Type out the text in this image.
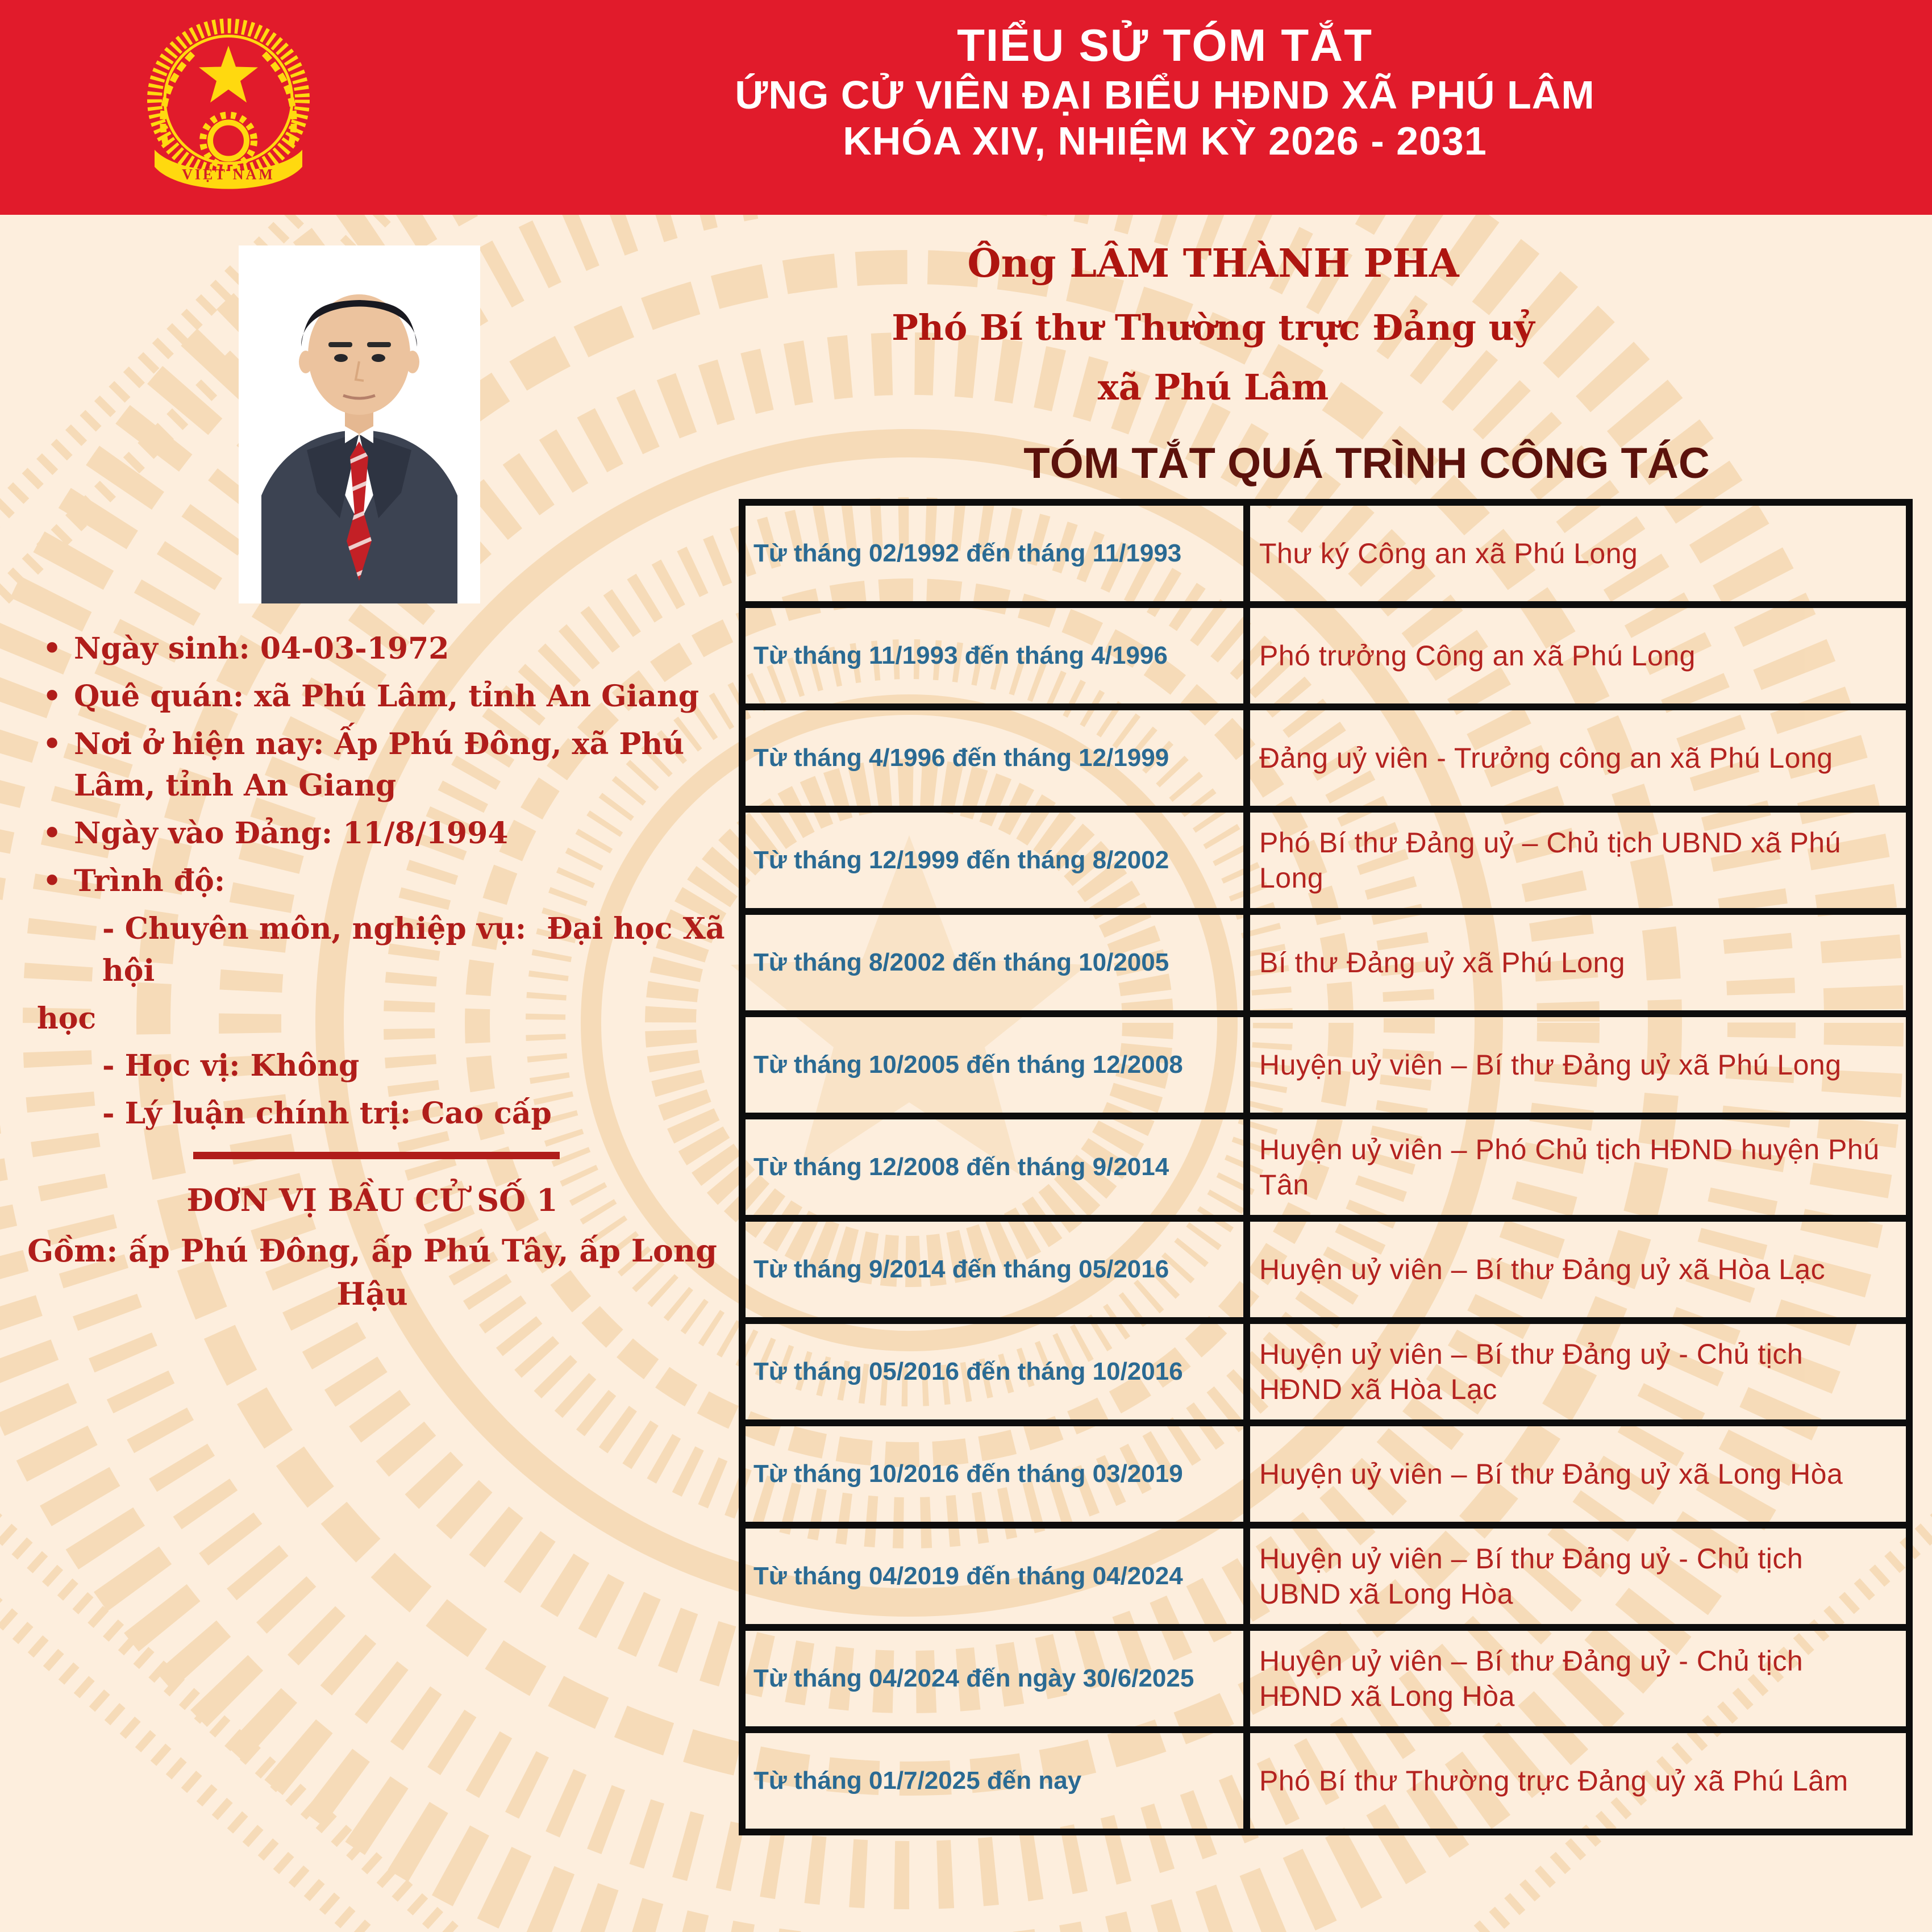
VIỆT NAM
TIỂU SỬ TÓM TẮT
ỨNG CỬ VIÊN ĐẠI BIỂU HĐND XÃ PHÚ LÂM
KHÓA XIV, NHIỆM KỲ 2026 - 2031
Ông LÂM THÀNH PHA
Phó Bí thư Thường trực Đảng uỷ
xã Phú Lâm
TÓM TẮT QUÁ TRÌNH CÔNG TÁC
• Ngày sinh: 04-03-1972
• Quê quán: xã Phú Lâm, tỉnh An Giang
• Nơi ở hiện nay: Ấp Phú Đông, xã Phú Lâm, tỉnh An Giang
• Ngày vào Đảng: 11/8/1994
• Trình độ:

- Chuyên môn, nghiệp vụ:  Đại học Xã hội

học

- Học vị: Không

- Lý luận chính trị: Cao cấp

ĐƠN VỊ BẦU CỬ SỐ 1

Gồm: ấp Phú Đông, ấp Phú Tây, ấp Long Hậu

Từ tháng 02/1992 đến tháng 11/1993	Thư ký Công an xã Phú Long
Từ tháng 11/1993 đến tháng 4/1996	Phó trưởng Công an xã Phú Long
Từ tháng 4/1996 đến tháng 12/1999	Đảng uỷ viên - Trưởng công an xã Phú Long
Từ tháng 12/1999 đến tháng 8/2002	Phó Bí thư Đảng uỷ – Chủ tịch UBND xã Phú Long
Từ tháng 8/2002 đến tháng 10/2005	Bí thư Đảng uỷ xã Phú Long
Từ tháng 10/2005 đến tháng 12/2008	Huyện uỷ viên – Bí thư Đảng uỷ xã Phú Long
Từ tháng 12/2008 đến tháng 9/2014	Huyện uỷ viên – Phó Chủ tịch HĐND huyện Phú Tân
Từ tháng 9/2014 đến tháng 05/2016	Huyện uỷ viên – Bí thư Đảng uỷ xã Hòa Lạc
Từ tháng 05/2016 đến tháng 10/2016	Huyện uỷ viên – Bí thư Đảng uỷ - Chủ tịch HĐND xã Hòa Lạc
Từ tháng 10/2016 đến tháng 03/2019	Huyện uỷ viên – Bí thư Đảng uỷ xã Long Hòa
Từ tháng 04/2019 đến tháng 04/2024	Huyện uỷ viên – Bí thư Đảng uỷ - Chủ tịch UBND xã Long Hòa
Từ tháng 04/2024 đến ngày 30/6/2025	Huyện uỷ viên – Bí thư Đảng uỷ - Chủ tịch HĐND xã Long Hòa
Từ tháng 01/7/2025 đến nay	Phó Bí thư Thường trực Đảng uỷ xã Phú Lâm
